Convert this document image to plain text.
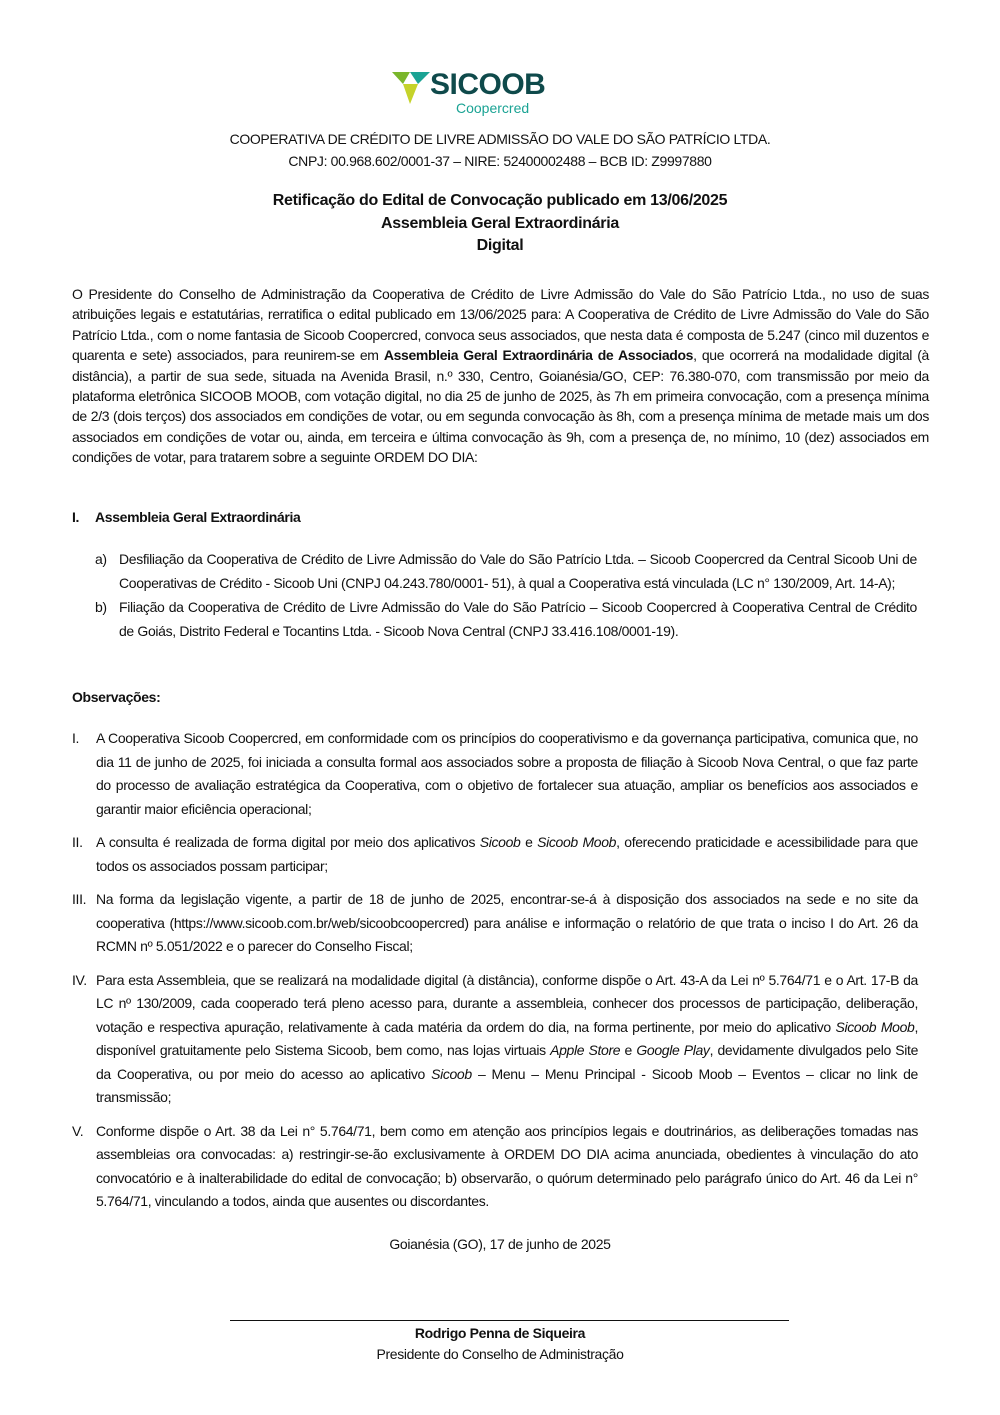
SICOOB
Coopercred
COOPERATIVA DE CRÉDITO DE LIVRE ADMISSÃO DO VALE DO SÃO PATRÍCIO LTDA.
CNPJ: 00.968.602/0001-37 – NIRE: 52400002488 – BCB ID: Z9997880
Retificação do Edital de Convocação publicado em 13/06/2025
Assembleia Geral Extraordinária
Digital
O Presidente do Conselho de Administração da Cooperativa de Crédito de Livre Admissão do Vale do São Patrício Ltda., no uso de suas atribuições legais e estatutárias, rerratifica o edital publicado em 13/06/2025 para: A Cooperativa de Crédito de Livre Admissão do Vale do São Patrício Ltda., com o nome fantasia de Sicoob Coopercred, convoca seus associados, que nesta data é composta de 5.247 (cinco mil duzentos e quarenta e sete) associados, para reunirem-se em Assembleia Geral Extraordinária de Associados, que ocorrerá na modalidade digital (à distância), a partir de sua sede, situada na Avenida Brasil, n.º 330, Centro, Goianésia/GO, CEP: 76.380-070, com transmissão por meio da plataforma eletrônica SICOOB MOOB, com votação digital, no dia 25 de junho de 2025, às 7h em primeira convocação, com a presença mínima de 2/3 (dois terços) dos associados em condições de votar, ou em segunda convocação às 8h, com a presença mínima de metade mais um dos associados em condições de votar ou, ainda, em terceira e última convocação às 9h, com a presença de, no mínimo, 10 (dez) associados em condições de votar, para tratarem sobre a seguinte ORDEM DO DIA:
I. Assembleia Geral Extraordinária
a) Desfiliação da Cooperativa de Crédito de Livre Admissão do Vale do São Patrício Ltda. – Sicoob Coopercred da Central Sicoob Uni de Cooperativas de Crédito - Sicoob Uni (CNPJ 04.243.780/0001- 51), à qual a Cooperativa está vinculada (LC n° 130/2009, Art. 14-A);
b) Filiação da Cooperativa de Crédito de Livre Admissão do Vale do São Patrício – Sicoob Coopercred à Cooperativa Central de Crédito de Goiás, Distrito Federal e Tocantins Ltda. - Sicoob Nova Central (CNPJ 33.416.108/0001-19).
Observações:
I. A Cooperativa Sicoob Coopercred, em conformidade com os princípios do cooperativismo e da governança participativa, comunica que, no dia 11 de junho de 2025, foi iniciada a consulta formal aos associados sobre a proposta de filiação à Sicoob Nova Central, o que faz parte do processo de avaliação estratégica da Cooperativa, com o objetivo de fortalecer sua atuação, ampliar os benefícios aos associados e garantir maior eficiência operacional;
II. A consulta é realizada de forma digital por meio dos aplicativos Sicoob e Sicoob Moob, oferecendo praticidade e acessibilidade para que todos os associados possam participar;
III. Na forma da legislação vigente, a partir de 18 de junho de 2025, encontrar-se-á à disposição dos associados na sede e no site da cooperativa (https://www.sicoob.com.br/web/sicoobcoopercred) para análise e informação o relatório de que trata o inciso I do Art. 26 da RCMN nº 5.051/2022 e o parecer do Conselho Fiscal;
IV. Para esta Assembleia, que se realizará na modalidade digital (à distância), conforme dispõe o Art. 43-A da Lei nº 5.764/71 e o Art. 17-B da LC nº 130/2009, cada cooperado terá pleno acesso para, durante a assembleia, conhecer dos processos de participação, deliberação, votação e respectiva apuração, relativamente à cada matéria da ordem do dia, na forma pertinente, por meio do aplicativo Sicoob Moob, disponível gratuitamente pelo Sistema Sicoob, bem como, nas lojas virtuais Apple Store e Google Play, devidamente divulgados pelo Site da Cooperativa, ou por meio do acesso ao aplicativo Sicoob – Menu – Menu Principal - Sicoob Moob – Eventos – clicar no link de transmissão;
V. Conforme dispõe o Art. 38 da Lei n° 5.764/71, bem como em atenção aos princípios legais e doutrinários, as deliberações tomadas nas assembleias ora convocadas: a) restringir-se-ão exclusivamente à ORDEM DO DIA acima anunciada, obedientes à vinculação do ato convocatório e à inalterabilidade do edital de convocação; b) observarão, o quórum determinado pelo parágrafo único do Art. 46 da Lei n° 5.764/71, vinculando a todos, ainda que ausentes ou discordantes.
Goianésia (GO), 17 de junho de 2025
Rodrigo Penna de Siqueira
Presidente do Conselho de Administração
